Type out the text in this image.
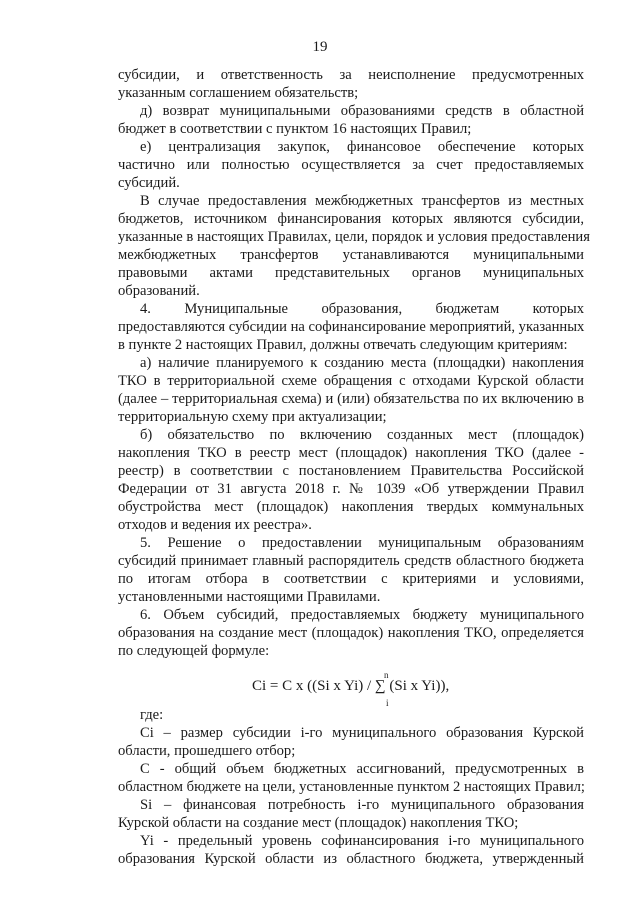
19
субсидии, и ответственность за неисполнение предусмотренных
указанным соглашением обязательств;
д) возврат муниципальными образованиями средств в областной
бюджет в соответствии с пунктом 16 настоящих Правил;
е) централизация закупок, финансовое обеспечение которых
частично или полностью осуществляется за счет предоставляемых
субсидий.
В случае предоставления межбюджетных трансфертов из местных
бюджетов, источником финансирования которых являются субсидии,
указанные в настоящих Правилах, цели, порядок и условия предоставления
межбюджетных трансфертов устанавливаются муниципальными
правовыми актами представительных органов муниципальных
образований.
4. Муниципальные образования, бюджетам которых
предоставляются субсидии на софинансирование мероприятий, указанных
в пункте 2 настоящих Правил, должны отвечать следующим критериям:
а) наличие планируемого к созданию места (площадки) накопления
ТКО в территориальной схеме обращения с отходами Курской области
(далее – территориальная схема) и (или) обязательства по их включению в
территориальную схему при актуализации;
б) обязательство по включению созданных мест (площадок)
накопления ТКО в реестр мест (площадок) накопления ТКО (далее -
реестр) в соответствии с постановлением Правительства Российской
Федерации от 31 августа 2018 г. № 1039 «Об утверждении Правил
обустройства мест (площадок) накопления твердых коммунальных
отходов и ведения их реестра».
5. Решение о предоставлении муниципальным образованиям
субсидий принимает главный распорядитель средств областного бюджета
по итогам отбора в соответствии с критериями и условиями,
установленными настоящими Правилами.
6. Объем субсидий, предоставляемых бюджету муниципального
образования на создание мест (площадок) накопления ТКО, определяется
по следующей формуле:
n
Ci = C x ((Si x Yi) / ∑ (Si x Yi)),
i
где:
Ci – размер субсидии i-го муниципального образования Курской
области, прошедшего отбор;
С - общий объем бюджетных ассигнований, предусмотренных в
областном бюджете на цели, установленные пунктом 2 настоящих Правил;
Si – финансовая потребность i-го муниципального образования
Курской области на создание мест (площадок) накопления ТКО;
Yi - предельный уровень софинансирования i-го муниципального
образования Курской области из областного бюджета, утвержденный
